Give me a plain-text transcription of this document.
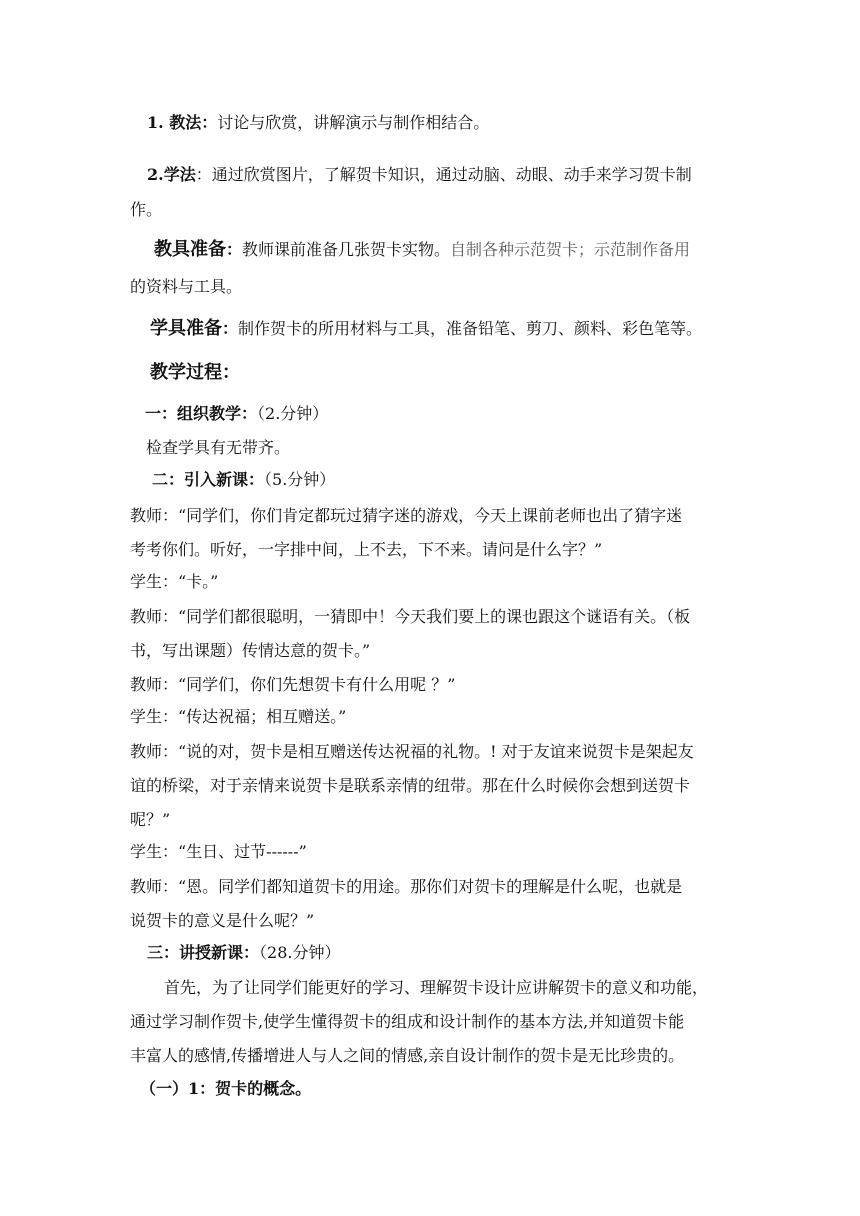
1. 教法：讨论与欣赏，讲解演示与制作相结合。
2.学法：通过欣赏图片，了解贺卡知识，通过动脑、动眼、动手来学习贺卡制
作。
教具准备：教师课前准备几张贺卡实物。自制各种示范贺卡；示范制作备用
的资料与工具。
学具准备：制作贺卡的所用材料与工具，准备铅笔、剪刀、颜料、彩色笔等。
教学过程：
一：组织教学：（2.分钟）
检查学具有无带齐。
二：引入新课：（5.分钟）
教师：“同学们，你们肯定都玩过猜字迷的游戏，今天上课前老师也出了猜字迷
考考你们。听好，一字排中间，上不去，下不来。请问是什么字？”
学生：“卡。”
教师：“同学们都很聪明，一猜即中！今天我们要上的课也跟这个谜语有关。（板
书，写出课题）传情达意的贺卡。”
教师：“同学们，你们先想贺卡有什么用呢 ？”
学生：“传达祝福；相互赠送。”
教师：“说的对，贺卡是相互赠送传达祝福的礼物。! 对于友谊来说贺卡是架起友
谊的桥梁，对于亲情来说贺卡是联系亲情的纽带。那在什么时候你会想到送贺卡
呢？”
学生：“生日、过节------”
教师：“恩。同学们都知道贺卡的用途。那你们对贺卡的理解是什么呢，也就是
说贺卡的意义是什么呢？”
三：讲授新课：（28.分钟）
首先，为了让同学们能更好的学习、理解贺卡设计应讲解贺卡的意义和功能，
通过学习制作贺卡,使学生懂得贺卡的组成和设计制作的基本方法,并知道贺卡能
丰富人的感情,传播增进人与人之间的情感,亲自设计制作的贺卡是无比珍贵的。
（一）1：贺卡的概念。
